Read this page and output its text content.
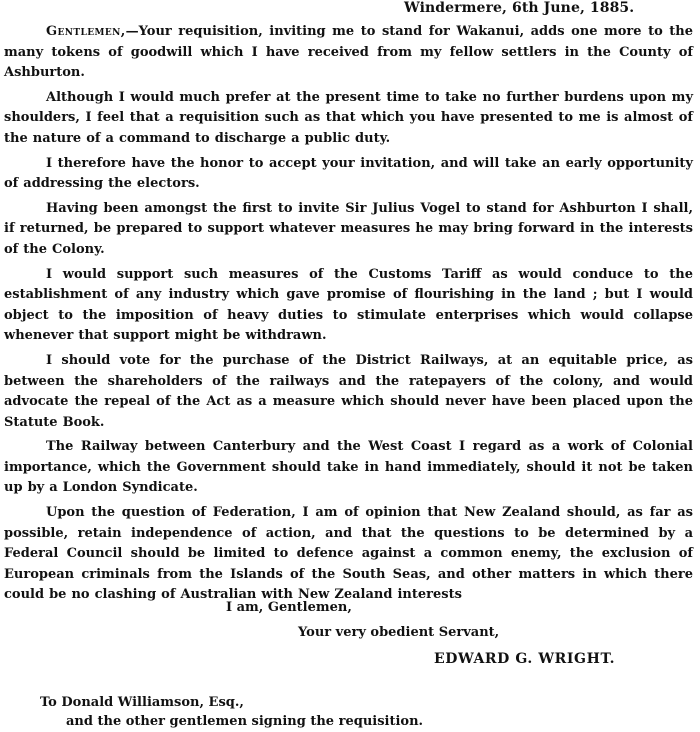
Windermere, 6th June, 1885.

Gentlemen,—Your requisition, inviting me to stand for Wakanui, adds one more to the many tokens of goodwill which I have received from my fellow settlers in the County of Ashburton.

Although I would much prefer at the present time to take no further burdens upon my shoulders, I feel that a requisition such as that which you have presented to me is almost of the nature of a command to discharge a public duty.

I therefore have the honor to accept your invitation, and will take an early opportunity of addressing the electors.

Having been amongst the first to invite Sir Julius Vogel to stand for Ashburton I shall, if returned, be prepared to support whatever measures he may bring forward in the interests of the Colony.

I would support such measures of the Customs Tariff as would conduce to the establishment of any industry which gave promise of flourishing in the land ; but I would object to the imposition of heavy duties to stimulate enterprises which would collapse whenever that support might be withdrawn.

I should vote for the purchase of the District Railways, at an equitable price, as between the shareholders of the railways and the ratepayers of the colony, and would advocate the repeal of the Act as a measure which should never have been placed upon the Statute Book.

The Railway between Canterbury and the West Coast I regard as a work of Colonial importance, which the Government should take in hand immediately, should it not be taken up by a London Syndicate.

Upon the question of Federation, I am of opinion that New Zealand should, as far as possible, retain independence of action, and that the questions to be determined by a Federal Council should be limited to defence against a common enemy, the exclusion of European criminals from the Islands of the South Seas, and other matters in which there could be no clashing of Australian with New Zealand interests

I am, Gentlemen,
Your very obedient Servant,
EDWARD G. WRIGHT.
To Donald Williamson, Esq.,
and the other gentlemen signing the requisition.
